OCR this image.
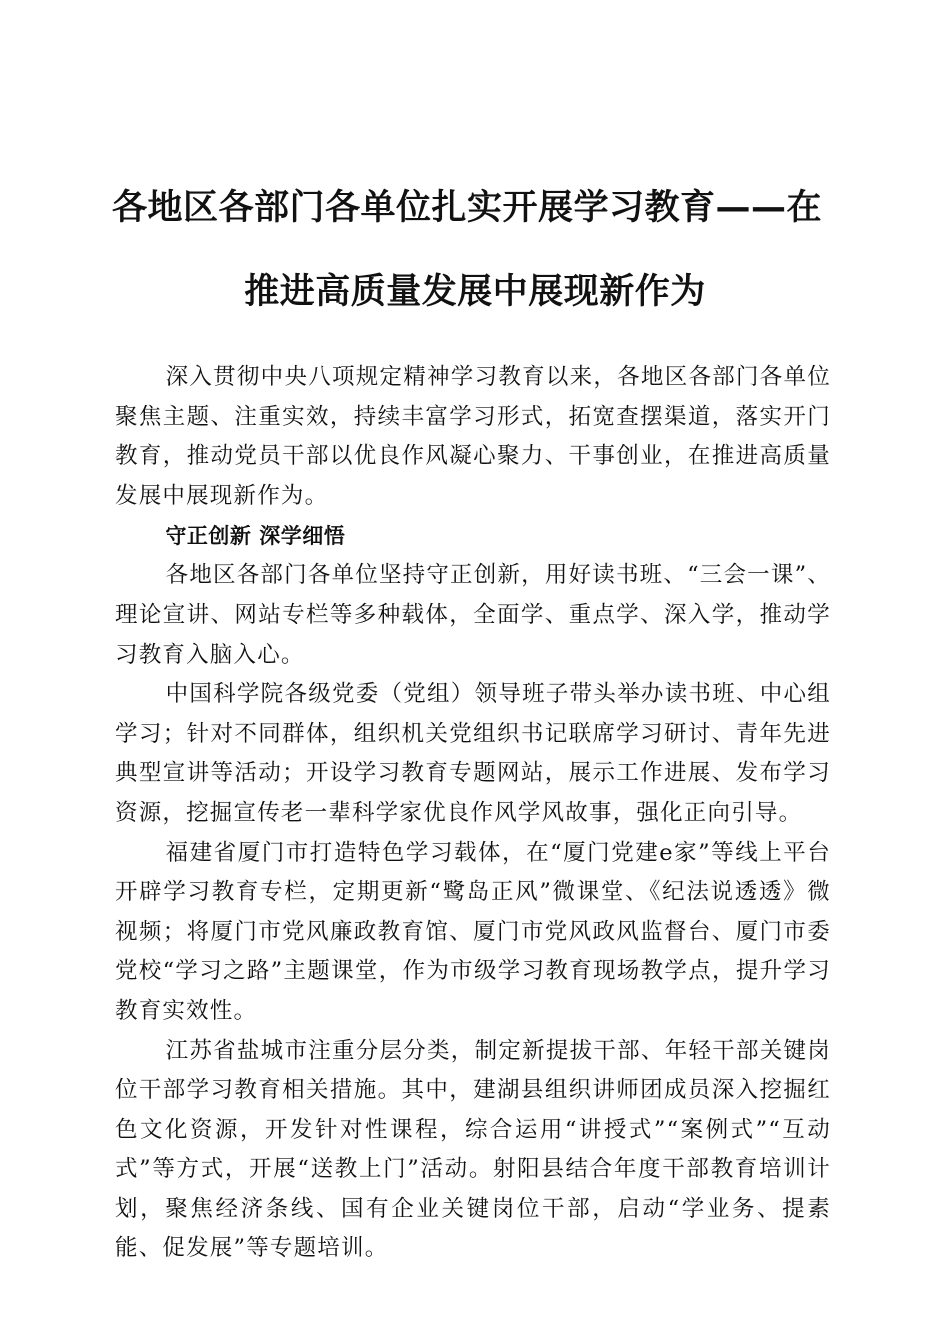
各地区各部门各单位扎实开展学习教育——在
推进高质量发展中展现新作为

深入贯彻中央八项规定精神学习教育以来，各地区各部门各单位聚焦主题、注重实效，持续丰富学习形式，拓宽查摆渠道，落实开门教育，推动党员干部以优良作风凝心聚力、干事创业，在推进高质量发展中展现新作为。

守正创新 深学细悟

各地区各部门各单位坚持守正创新，用好读书班、“三会一课”、理论宣讲、网站专栏等多种载体，全面学、重点学、深入学，推动学习教育入脑入心。

中国科学院各级党委（党组）领导班子带头举办读书班、中心组学习；针对不同群体，组织机关党组织书记联席学习研讨、青年先进典型宣讲等活动；开设学习教育专题网站，展示工作进展、发布学习资源，挖掘宣传老一辈科学家优良作风学风故事，强化正向引导。

福建省厦门市打造特色学习载体，在“厦门党建e家”等线上平台开辟学习教育专栏，定期更新“鹭岛正风”微课堂、《纪法说透透》微视频；将厦门市党风廉政教育馆、厦门市党风政风监督台、厦门市委党校“学习之路”主题课堂，作为市级学习教育现场教学点，提升学习教育实效性。

江苏省盐城市注重分层分类，制定新提拔干部、年轻干部关键岗位干部学习教育相关措施。其中，建湖县组织讲师团成员深入挖掘红色文化资源，开发针对性课程，综合运用“讲授式”“案例式”“互动式”等方式，开展“送教上门”活动。射阳县结合年度干部教育培训计划，聚焦经济条线、国有企业关键岗位干部，启动“学业务、提素能、促发展”等专题培训。
